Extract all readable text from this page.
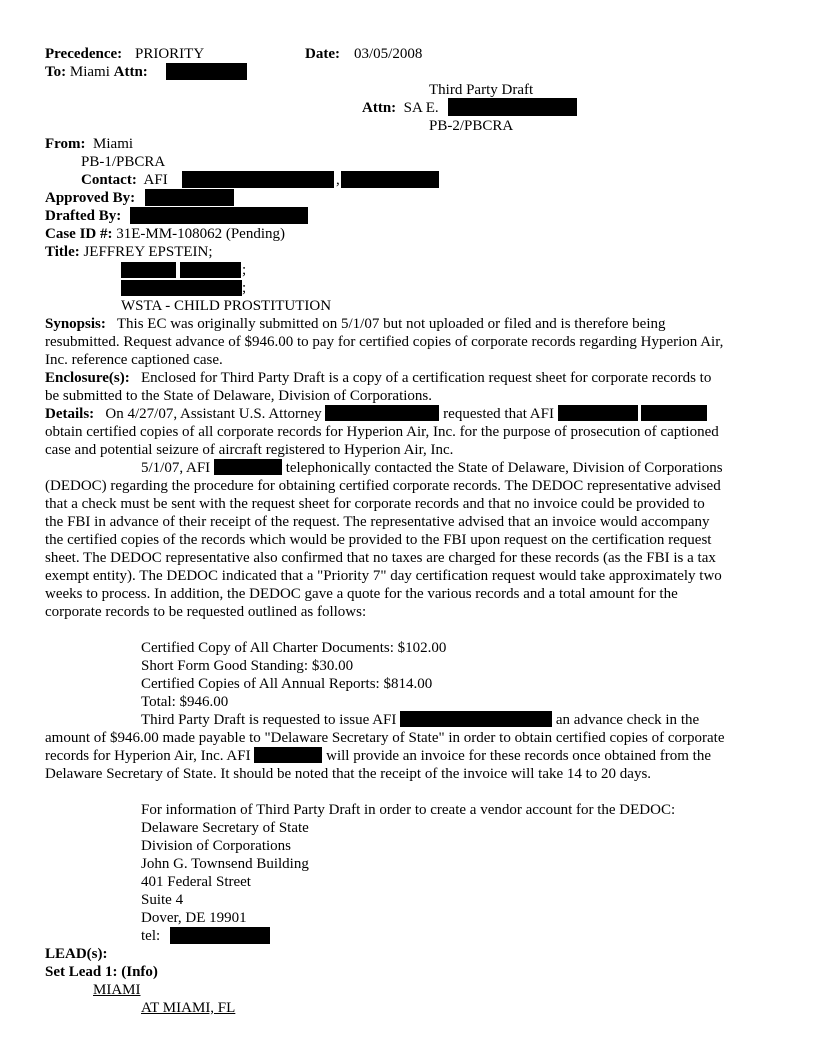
Precedence: PRIORITY	Date: 03/05/2008
To: Miami Attn:
Third Party Draft
Attn: SA E.
PB-2/PBCRA
From: Miami
PB-1/PBCRA
Contact: AFI	,
Approved By:
Drafted By:
Case ID #: 31E-MM-108062 (Pending)
Title: JEFFREY EPSTEIN;
;
;
WSTA - CHILD PROSTITUTION
Synopsis: This EC was originally submitted on 5/1/07 but not uploaded or filed and is therefore being resubmitted. Request advance of $946.00 to pay for certified copies of corporate records regarding Hyperion Air, Inc. reference captioned case.
Enclosure(s): Enclosed for Third Party Draft is a copy of a certification request sheet for corporate records to be submitted to the State of Delaware, Division of Corporations.
Details: On 4/27/07, Assistant U.S. Attorney	requested that AFI   obtain certified copies of all corporate records for Hyperion Air, Inc. for the purpose of prosecution of captioned case and potential seizure of aircraft registered to Hyperion Air, Inc.
5/1/07, AFI	telephonically contacted the State of Delaware, Division of Corporations (DEDOC) regarding the procedure for obtaining certified corporate records. The DEDOC representative advised that a check must be sent with the request sheet for corporate records and that no invoice could be provided to the FBI in advance of their receipt of the request. The representative advised that an invoice would accompany the certified copies of the records which would be provided to the FBI upon request on the certification request sheet. The DEDOC representative also confirmed that no taxes are charged for these records (as the FBI is a tax exempt entity). The DEDOC indicated that a "Priority 7" day certification request would take approximately two weeks to process. In addition, the DEDOC gave a quote for the various records and a total amount for the corporate records to be requested outlined as follows:
Certified Copy of All Charter Documents: $102.00
Short Form Good Standing: $30.00
Certified Copies of All Annual Reports: $814.00
Total: $946.00
Third Party Draft is requested to issue AFI	an advance check in the amount of $946.00 made payable to "Delaware Secretary of State" in order to obtain certified copies of corporate records for Hyperion Air, Inc. AFI	will provide an invoice for these records once obtained from the Delaware Secretary of State. It should be noted that the receipt of the invoice will take 14 to 20 days.
For information of Third Party Draft in order to create a vendor account for the DEDOC:
Delaware Secretary of State
Division of Corporations
John G. Townsend Building
401 Federal Street
Suite 4
Dover, DE 19901
tel:
LEAD(s):
Set Lead 1: (Info)
MIAMI
AT MIAMI, FL
